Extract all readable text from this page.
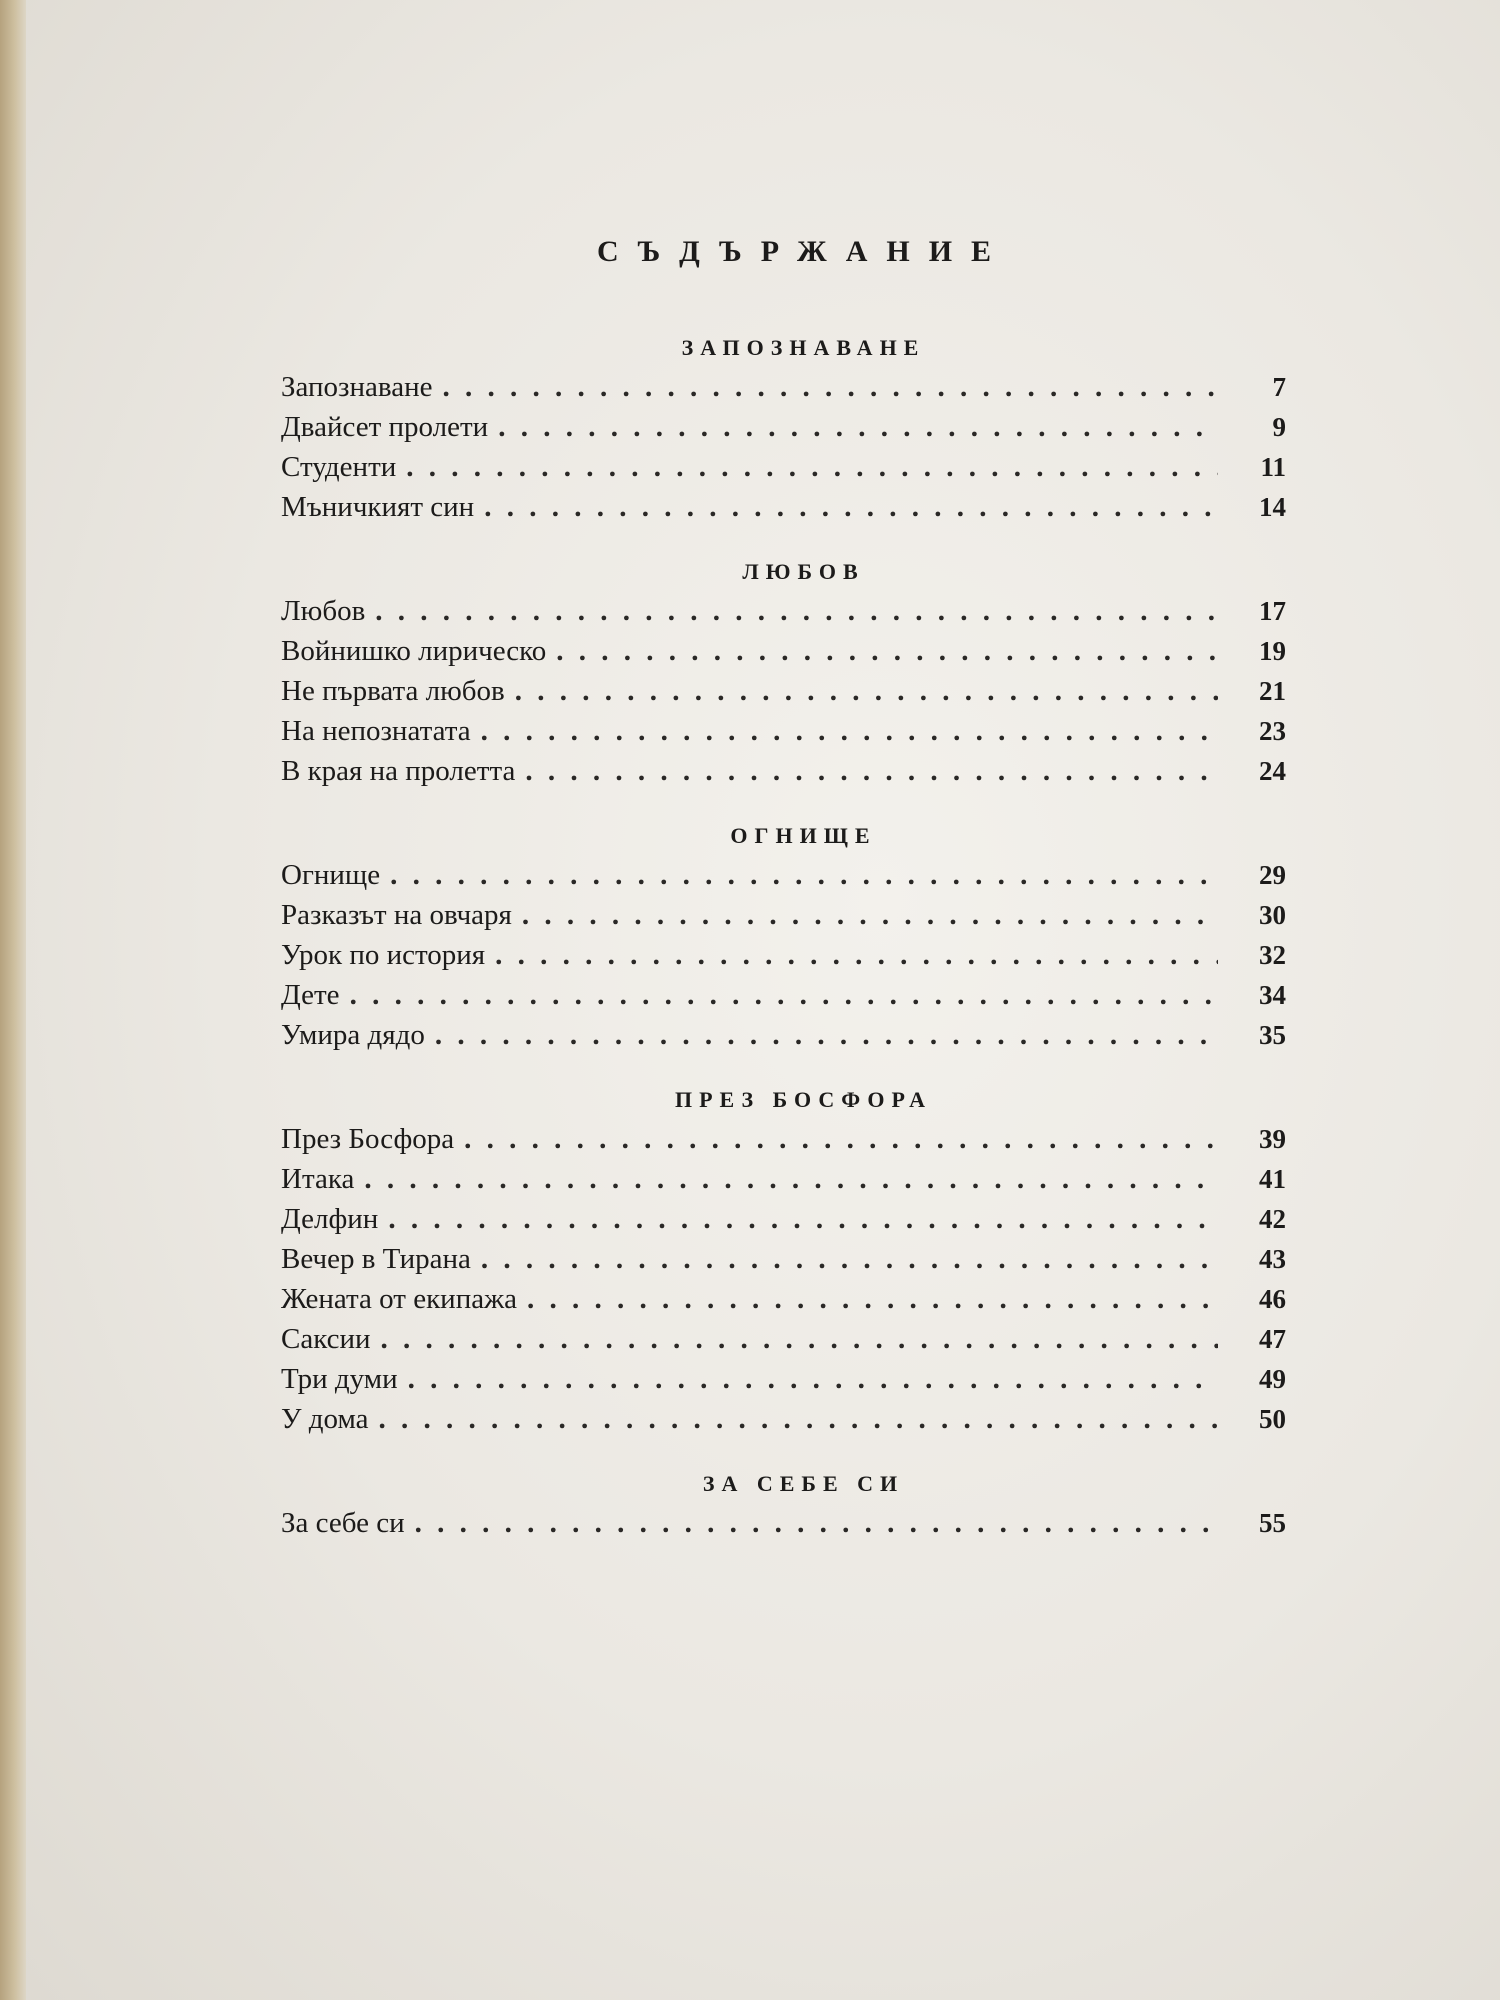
СЪДЪРЖАНИЕ
ЗАПОЗНАВАНЕ
Запознаване . . .	7
Двайсет пролети . . .	9
Студенти . . .	11
Мъничкият син . . .	14
ЛЮБОВ
Любов . . .	17
Войнишко лирическо . . .	19
Не първата любов . . .	21
На непознатата . . .	23
В края на пролетта . . .	24
ОГНИЩЕ
Огнище . . .	29
Разказът на овчаря . . .	30
Урок по история . . .	32
Дете . . .	34
Умира дядо . . .	35
ПРЕЗ БОСФОРА
През Босфора . . .	39
Итака . . .	41
Делфин . . .	42
Вечер в Тирана . . .	43
Жената от екипажа . . .	46
Саксии . . .	47
Три думи . . .	49
У дома . . .	50
ЗА СЕБЕ СИ
За себе си . . .	55
